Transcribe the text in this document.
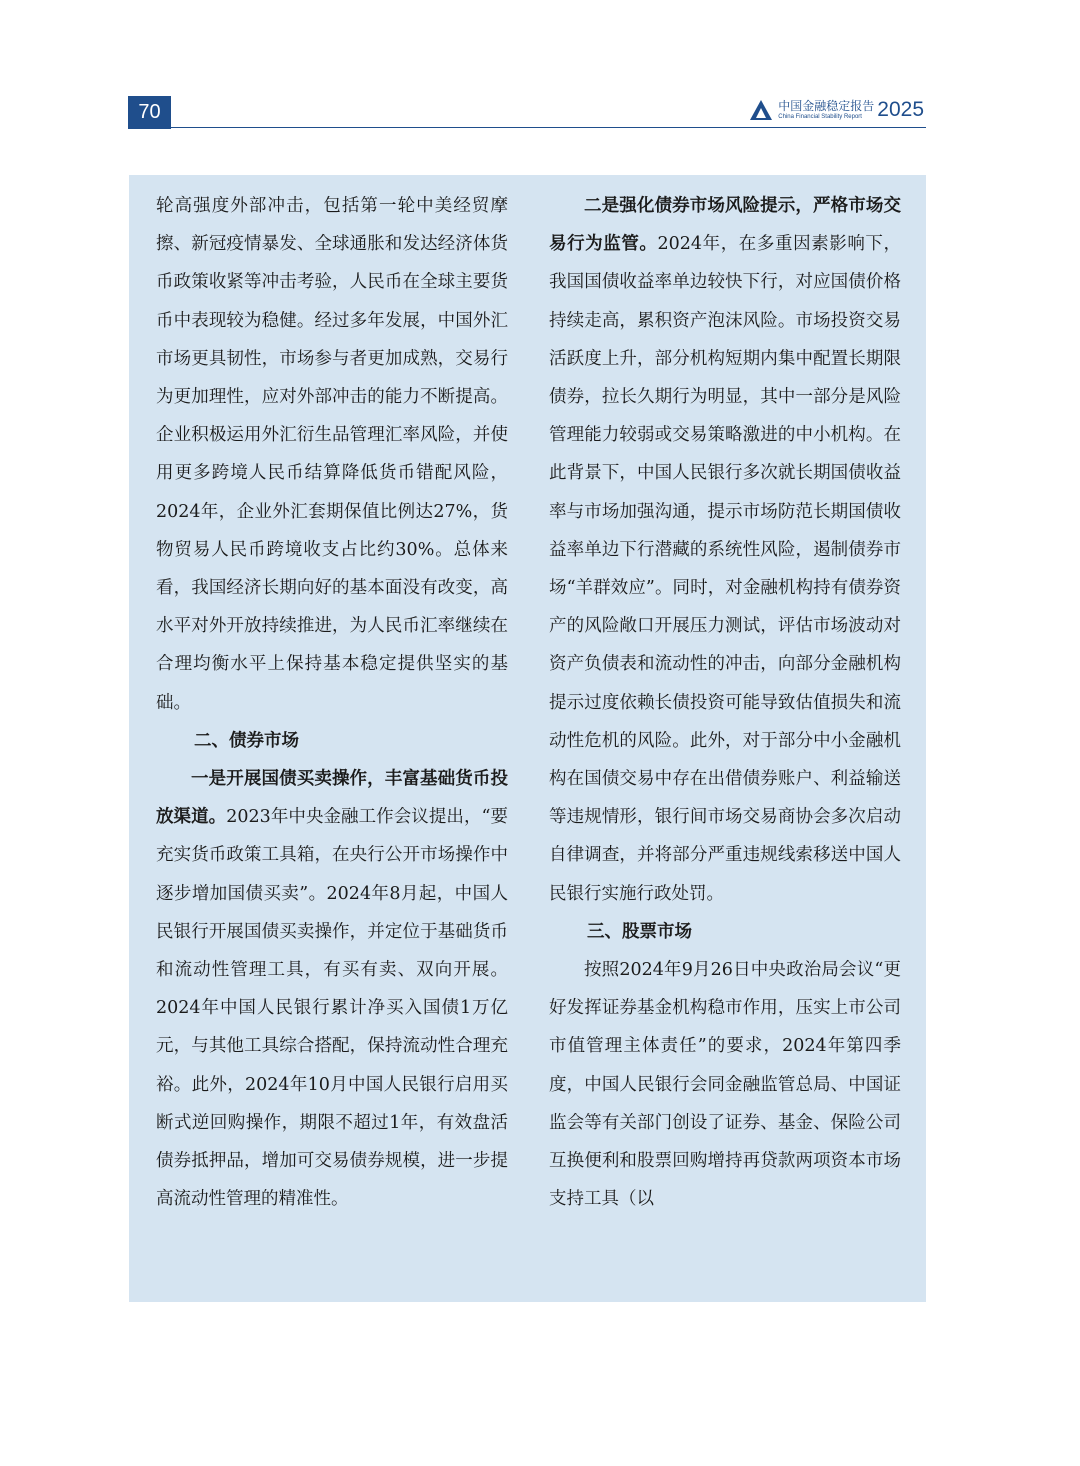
70	中国金融稳定报告
China Financial Stability Report 2025

轮高强度外部冲击，包括第一轮中美经贸摩擦、新冠疫情暴发、全球通胀和发达经济体货币政策收紧等冲击考验，人民币在全球主要货币中表现较为稳健。经过多年发展，中国外汇市场更具韧性，市场参与者更加成熟，交易行为更加理性，应对外部冲击的能力不断提高。企业积极运用外汇衍生品管理汇率风险，并使用更多跨境人民币结算降低货币错配风险，2024年，企业外汇套期保值比例达27%，货物贸易人民币跨境收支占比约30%。总体来看，我国经济长期向好的基本面没有改变，高水平对外开放持续推进，为人民币汇率继续在合理均衡水平上保持基本稳定提供坚实的基础。

二、债券市场

一是开展国债买卖操作，丰富基础货币投放渠道。2023年中央金融工作会议提出，“要充实货币政策工具箱，在央行公开市场操作中逐步增加国债买卖”。2024年8月起，中国人民银行开展国债买卖操作，并定位于基础货币和流动性管理工具，有买有卖、双向开展。2024年中国人民银行累计净买入国债1万亿元，与其他工具综合搭配，保持流动性合理充裕。此外，2024年10月中国人民银行启用买断式逆回购操作，期限不超过1年，有效盘活债券抵押品，增加可交易债券规模，进一步提高流动性管理的精准性。

二是强化债券市场风险提示，严格市场交易行为监管。2024年，在多重因素影响下，我国国债收益率单边较快下行，对应国债价格持续走高，累积资产泡沫风险。市场投资交易活跃度上升，部分机构短期内集中配置长期限债券，拉长久期行为明显，其中一部分是风险管理能力较弱或交易策略激进的中小机构。在此背景下，中国人民银行多次就长期国债收益率与市场加强沟通，提示市场防范长期国债收益率单边下行潜藏的系统性风险，遏制债券市场“羊群效应”。同时，对金融机构持有债券资产的风险敞口开展压力测试，评估市场波动对资产负债表和流动性的冲击，向部分金融机构提示过度依赖长债投资可能导致估值损失和流动性危机的风险。此外，对于部分中小金融机构在国债交易中存在出借债券账户、利益输送等违规情形，银行间市场交易商协会多次启动自律调查，并将部分严重违规线索移送中国人民银行实施行政处罚。

三、股票市场

按照2024年9月26日中央政治局会议“更好发挥证券基金机构稳市作用，压实上市公司市值管理主体责任”的要求，2024年第四季度，中国人民银行会同金融监管总局、中国证监会等有关部门创设了证券、基金、保险公司互换便利和股票回购增持再贷款两项资本市场支持工具（以
